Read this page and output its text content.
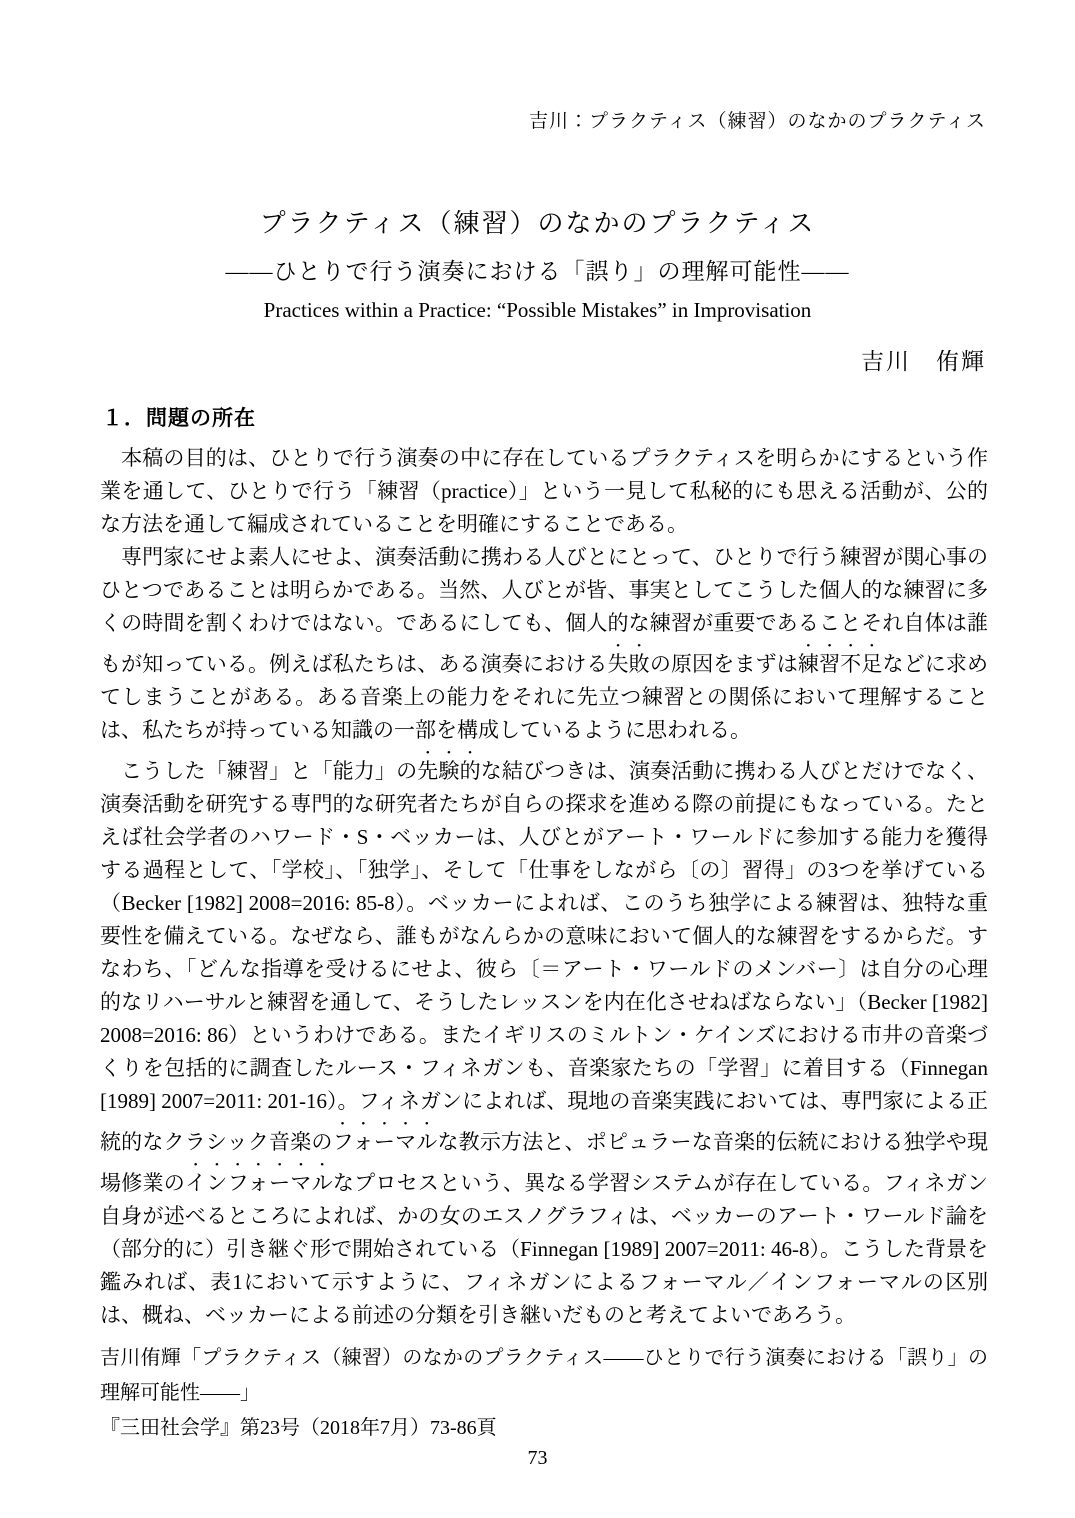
吉川：プラクティス（練習）のなかのプラクティス
プラクティス（練習）のなかのプラクティス
――ひとりで行う演奏における「誤り」の理解可能性――
Practices within a Practice: “Possible Mistakes” in Improvisation
吉川　侑輝
１．問題の所在

本稿の目的は、ひとりで行う演奏の中に存在しているプラクティスを明らかにするという作業を通して、ひとりで行う「練習（practice）」という一見して私秘的にも思える活動が、公的な方法を通して編成されていることを明確にすることである。

専門家にせよ素人にせよ、演奏活動に携わる人びとにとって、ひとりで行う練習が関心事のひとつであることは明らかである。当然、人びとが皆、事実としてこうした個人的な練習に多くの時間を割くわけではない。であるにしても、個人的な練習が重要であることそれ自体は誰もが知っている。例えば私たちは、ある演奏における失敗の原因をまずは練習不足などに求めてしまうことがある。ある音楽上の能力をそれに先立つ練習との関係において理解することは、私たちが持っている知識の一部を構成しているように思われる。

こうした「練習」と「能力」の先験的な結びつきは、演奏活動に携わる人びとだけでなく、演奏活動を研究する専門的な研究者たちが自らの探求を進める際の前提にもなっている。たとえば社会学者のハワード・S・ベッカーは、人びとがアート・ワールドに参加する能力を獲得する過程として、「学校」、「独学」、そして「仕事をしながら〔の〕習得」の3つを挙げている（Becker [1982] 2008=2016: 85-8）。ベッカーによれば、このうち独学による練習は、独特な重要性を備えている。なぜなら、誰もがなんらかの意味において個人的な練習をするからだ。すなわち、「どんな指導を受けるにせよ、彼ら〔＝アート・ワールドのメンバー〕は自分の心理的なリハーサルと練習を通して、そうしたレッスンを内在化させねばならない」（Becker [1982] 2008=2016: 86）というわけである。またイギリスのミルトン・ケインズにおける市井の音楽づくりを包括的に調査したルース・フィネガンも、音楽家たちの「学習」に着目する（Finnegan [1989] 2007=2011: 201-16）。フィネガンによれば、現地の音楽実践においては、専門家による正統的なクラシック音楽のフォーマルな教示方法と、ポピュラーな音楽的伝統における独学や現場修業のインフォーマルなプロセスという、異なる学習システムが存在している。フィネガン自身が述べるところによれば、かの女のエスノグラフィは、ベッカーのアート・ワールド論を（部分的に）引き継ぐ形で開始されている（Finnegan [1989] 2007=2011: 46-8）。こうした背景を鑑みれば、表1において示すように、フィネガンによるフォーマル／インフォーマルの区別は、概ね、ベッカーによる前述の分類を引き継いだものと考えてよいであろう。

吉川侑輝「プラクティス（練習）のなかのプラクティス――ひとりで行う演奏における「誤り」の理解可能性――」

『三田社会学』第23号（2018年7月）73-86頁

73
